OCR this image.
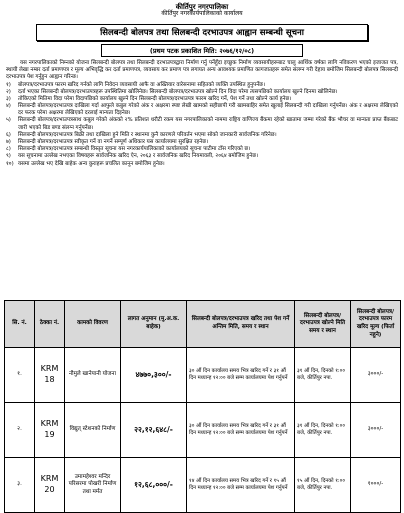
कीर्तिपुर नगरपालिका
कीर्तिपुर नगरकार्यपालिकाको कार्यालय
सिलबन्दी बोलपत्र तथा सिलबन्दी दरभाउपत्र आह्वान सम्बन्धी सूचना
(प्रथम पटक प्रकाशित मिति: २०७६/१२/०८)

यस नगरपालिकाको निम्नको योजना सिलबन्दी बोलपत्र तथा सिलबन्दी दरभाउपत्रद्वारा निर्माण गर्नु पर्नेहुँदा इच्छुक निर्माण व्यवसायीहरूबाट चालु आर्थिक वर्षका लागि नविकरण भएको इजाजत पत्र, स्थायी लेखा नम्बर दर्ता प्रमाणपत्र र मूल्य अभिवृद्धि कर दर्ता प्रमाणपत्र, व्यवसाय कर प्रमाण पत्र लगायत अन्य आवश्यक प्रमाणित कागजातहरू समेत संलग्न गरी देहाय बमोजिम सिलबन्दी बोलपत्र सिलबन्दी दरभाउपत्र पेश गर्नुहुन आह्वान गरिन्छ।

१)	बोलपत्र/दरभाउपत्र फारम खरिद गर्नको लागि निवेदन व्यवसायी आफै वा अख्तियार वारेसनामा सहितको व्यक्ति उपस्थित हुनुपर्नेछ।
२)	दर्ता भएका सिलबन्दी बोलपत्र/दरभाउपत्रहरू उपस्थितिमा खोलिनेछ। सिलबन्दी बोलपत्र/दरभाउपत्र खोल्ने दिन विदा परेमा त्यसपछिको कार्यालय खुल्ने दिनमा खोलिनेछ।
३)	तोकिएको मितिमा विदा परेमा विदापछिको कार्यालय खुल्ने दिन सिलबन्दी बोलपत्र/दरभाउपत्र फारम खरिद गर्ने, पेश गर्ने तथा खोल्ने कार्य हुनेछ।
४)	सिलबन्दी बोलपत्र/दरभाउपत्र दाखिला गर्दा आफुले कबुल गरेको अंक र अक्षरमा स्पष्ट लेखी खामको सहीछापी गरी खामबाहिर समेत खुलाई सिलबन्दी गरी दाखिला गर्नुपर्नेछ। अंक र अक्षरमा लेखिएको दर फरक परेमा अक्षरमा लेखिएको दरलाई मान्यता दिइनेछ।
५)	सिलबन्दी बोलपत्र/दरभाउपत्रसाथ कबुल गरेको अंकको २% प्रतिशत धरौटी रकम यस नगरपालिकाको नाममा राष्ट्रिय वाणिज्य बैंकमा रहेको खातामा जम्मा गरेको बैंक भौचर वा मान्यता प्राप्त बैंकबाट जारी भएको बिड बण्ड संलग्न गर्नुपर्नेछ।
६)	सिलबन्दी बोलपत्र/दरभाउपत्र बिक्री तथा दाखिला हुने मिति र स्थानमा कुनै कारणले परिवर्तन भएमा सोको जानकारी सार्वजनिक गरिनेछ।
७)	सिलबन्दी बोलपत्र/दरभाउपत्र स्वीकृत गर्ने वा नगर्ने सम्पूर्ण अधिकार यस कार्यालयमा सुरक्षित रहनेछ।
८)	सिलबन्दी बोलपत्र/दरभाउपत्र सम्बन्धी विस्तृत सूचना यस नगरकार्यपालिकाको कार्यालयको सूचना पाटीमा टाँस गरिएको छ।
९)	यस सूचनामा उल्लेख नभएका विषयहरू सार्वजनिक खरिद ऐन, २०६३ र सार्वजनिक खरिद नियमावली, २०६४ बमोजिम हुनेछ।
१०) यसमा उल्लेख भए देखि बाहेक अन्य कुराहरू प्रचलित कानून बमोजिम हुनेछ।
सि. नं.	ठेक्का नं.	कामको विवरण	लागत अनुमान (मु.अ.क. बाहेक)	सिलबन्दी बोलपत्र/दरभाउपत्र खरिद तथा पेश गर्ने अन्तिम मिति, समय र स्थान	सिलबन्दी बोलपत्र/दरभाउपत्र खोल्ने मिति समय र स्थान	सिलबन्दी बोलपत्र/दरभाउपत्र फारम खरिद मूल्य (फिर्ता नहुने)
१.	KRM
18	नौमुले खानेपानी योजना	४७७०,३००/-	३० औं दिन कार्यालय समय भित्र खरिद गर्ने र ३१ औं दिन मध्यान्ह १२:०० बजे सम्म कार्यालयमा पेश गर्नुपर्ने	३१ औं दिन, दिनको १:०० बजे, कीर्तिपुर नपा.	३०००/-
२.	KRM
19	विद्युत् स्टेशनको निर्माण	२२,१२,६४८/-	३० औं दिन कार्यालय समय भित्र खरिद गर्ने र ३१ औं दिन मध्यान्ह १२:०० बजे सम्म कार्यालयमा पेश गर्नुपर्ने	३१ औं दिन, दिनको १:०० बजे, कीर्तिपुर नपा.	३०००/-
३.	KRM
20	उमामहेश्वर मन्दिर परिसरमा पोखरी निर्माण तथा मर्मत	१२,६८,०००/-	१४ औं दिन कार्यालय समय भित्र खरिद गर्ने र १५ औं दिन मध्यान्ह १२:०० बजे सम्म कार्यालयमा पेश गर्नुपर्ने	१५ औं दिन, दिनको १:०० बजे, कीर्तिपुर नपा.	१०००/-
